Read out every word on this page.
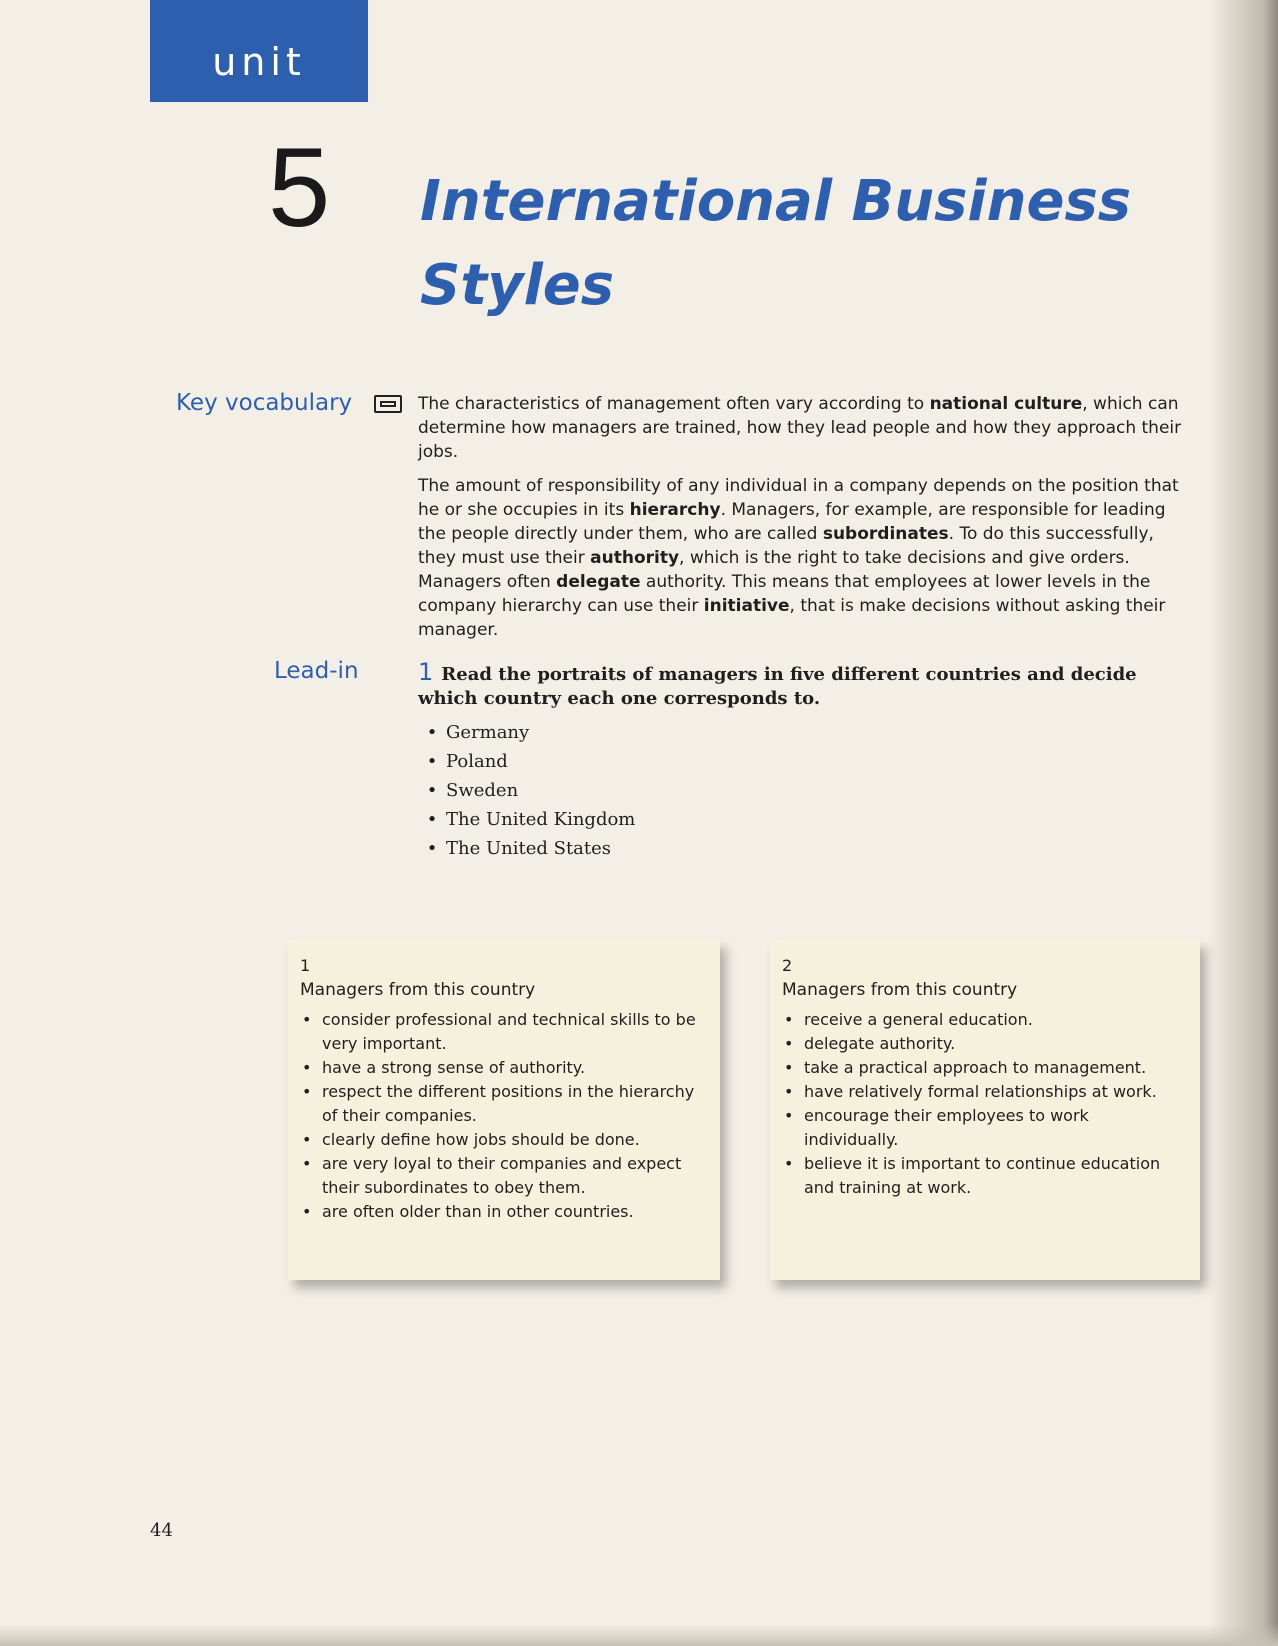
unit
5 International Business Styles
Key vocabulary	The characteristics of management often vary according to national culture, which can determine how managers are trained, how they lead people and how they approach their jobs.

The amount of responsibility of any individual in a company depends on the position that he or she occupies in its hierarchy. Managers, for example, are responsible for leading the people directly under them, who are called subordinates. To do this successfully, they must use their authority, which is the right to take decisions and give orders. Managers often delegate authority. This means that employees at lower levels in the company hierarchy can use their initiative, that is make decisions without asking their manager.

Lead-in 1 Read the portraits of managers in five different countries and decide which country each one corresponds to.
• Germany
• Poland
• Sweden
• The United Kingdom
• The United States
1
Managers from this country
• consider professional and technical skills to be very important.
• have a strong sense of authority.
• respect the different positions in the hierarchy of their companies.
• clearly define how jobs should be done.
• are very loyal to their companies and expect their subordinates to obey them.
• are often older than in other countries.
2
Managers from this country
• receive a general education.
• delegate authority.
• take a practical approach to management.
• have relatively formal relationships at work.
• encourage their employees to work individually.
• believe it is important to continue education and training at work.
44
